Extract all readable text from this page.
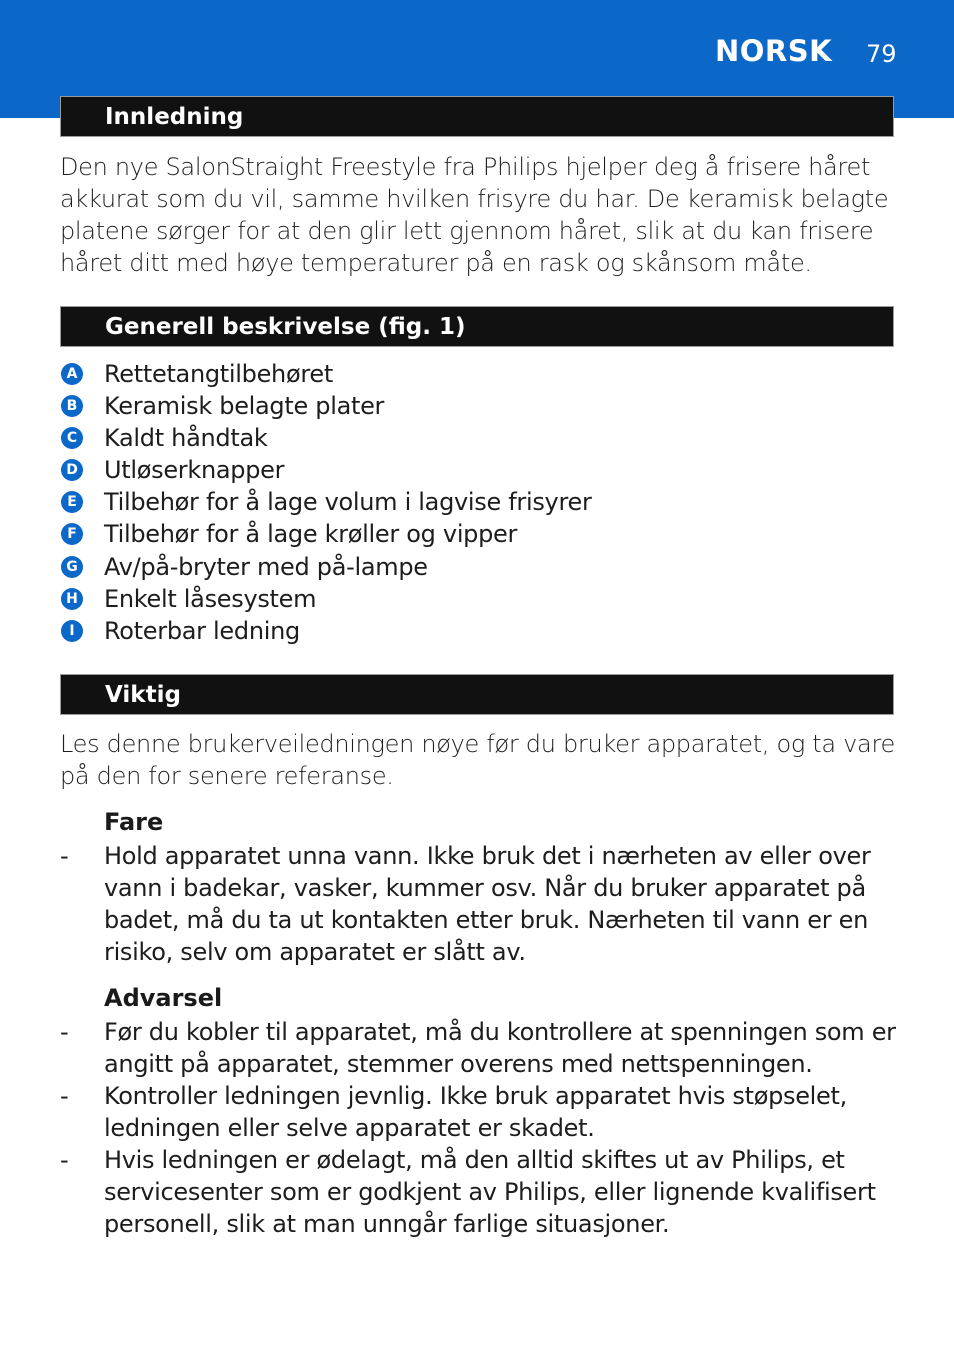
NORSK 79
Innledning
Den nye SalonStraight Freestyle fra Philips hjelper deg å frisere håret akkurat som du vil, samme hvilken frisyre du har. De keramisk belagte platene sørger for at den glir lett gjennom håret, slik at du kan frisere håret ditt med høye temperaturer på en rask og skånsom måte.
Generell beskrivelse (fig. 1)
A Rettetangtilbehøret
B Keramisk belagte plater
C Kaldt håndtak
D Utløserknapper
E Tilbehør for å lage volum i lagvise frisyrer
F Tilbehør for å lage krøller og vipper
G Av/på-bryter med på-lampe
H Enkelt låsesystem
I	Roterbar ledning
Viktig
Les denne brukerveiledningen nøye før du bruker apparatet, og ta vare på den for senere referanse.
Fare
- Hold apparatet unna vann. Ikke bruk det i nærheten av eller over vann i badekar, vasker, kummer osv. Når du bruker apparatet på badet, må du ta ut kontakten etter bruk. Nærheten til vann er en risiko, selv om apparatet er slått av.
Advarsel
- Før du kobler til apparatet, må du kontrollere at spenningen som er angitt på apparatet, stemmer overens med nettspenningen.
- Kontroller ledningen jevnlig. Ikke bruk apparatet hvis støpselet, ledningen eller selve apparatet er skadet.
- Hvis ledningen er ødelagt, må den alltid skiftes ut av Philips, et servicesenter som er godkjent av Philips, eller lignende kvalifisert personell, slik at man unngår farlige situasjoner.
